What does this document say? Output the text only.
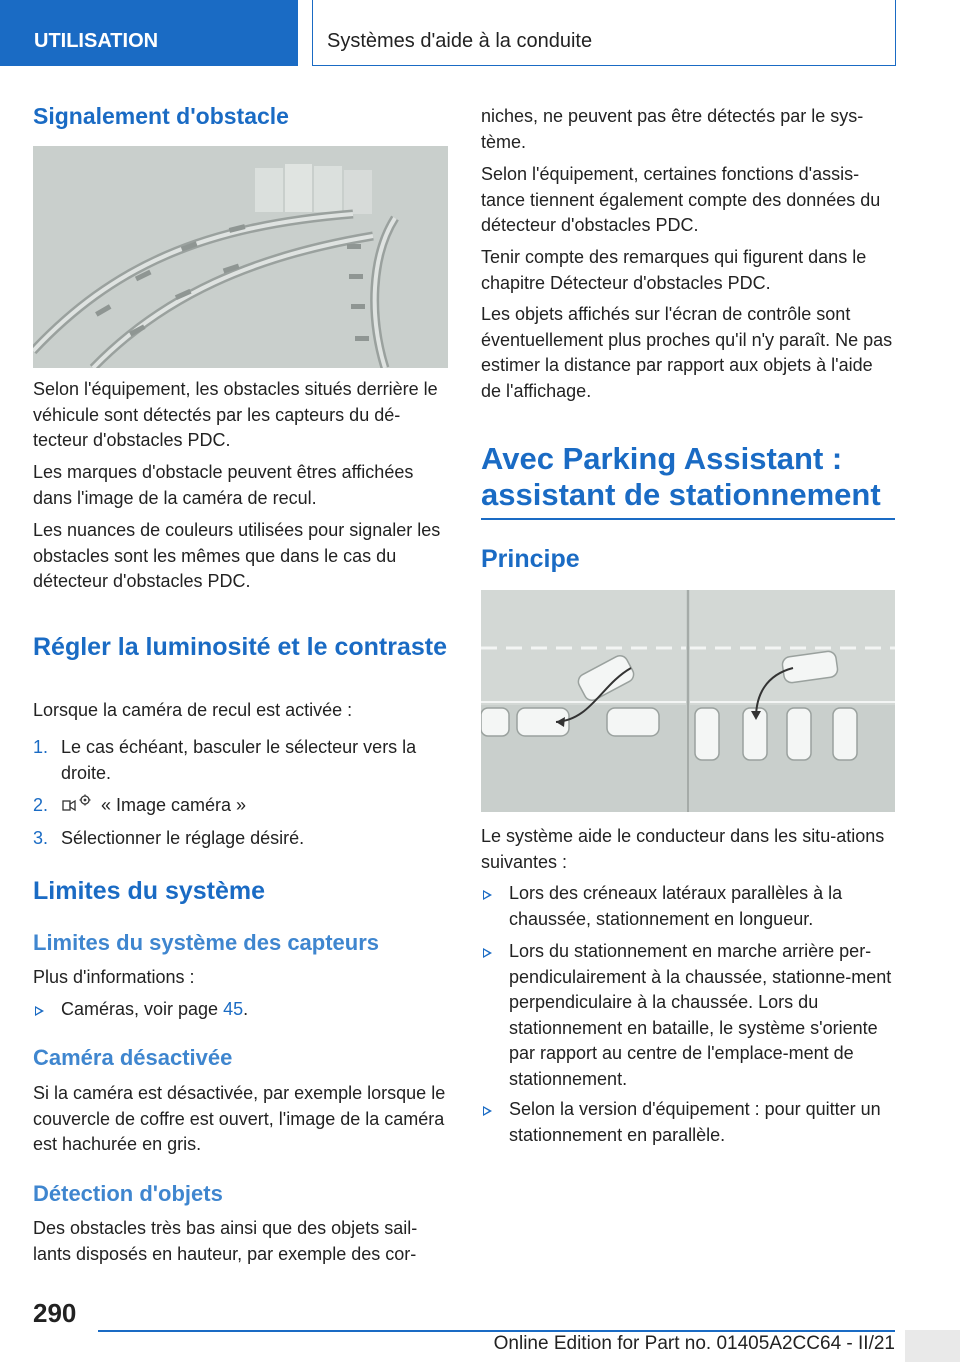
UTILISATION	Systèmes d'aide à la conduite
Signalement d'obstacle
Selon l'équipement, les obstacles situés derrière le véhicule sont détectés par les capteurs du dé‐tecteur d'obstacles PDC.
Les marques d'obstacle peuvent êtres affichées dans l'image de la caméra de recul.
Les nuances de couleurs utilisées pour signaler les obstacles sont les mêmes que dans le cas du détecteur d'obstacles PDC.
Régler la luminosité et le contraste
Lorsque la caméra de recul est activée :
1. Le cas échéant, basculer le sélecteur vers la droite.
2.	« Image caméra »
3. Sélectionner le réglage désiré.
Limites du système
Limites du système des capteurs
Plus d'informations :
Caméras, voir page 45.
Caméra désactivée
Si la caméra est désactivée, par exemple lorsque le couvercle de coffre est ouvert, l'image de la caméra est hachurée en gris.
Détection d'objets
Des obstacles très bas ainsi que des objets sail‐lants disposés en hauteur, par exemple des cor‐
niches, ne peuvent pas être détectés par le sys‐tème.
Selon l'équipement, certaines fonctions d'assis‐tance tiennent également compte des données du détecteur d'obstacles PDC.
Tenir compte des remarques qui figurent dans le chapitre Détecteur d'obstacles PDC.
Les objets affichés sur l'écran de contrôle sont éventuellement plus proches qu'il n'y paraît. Ne pas estimer la distance par rapport aux objets à l'aide de l'affichage.
Avec Parking Assistant : assistant de stationnement
Principe
Le système aide le conducteur dans les situ‐ations suivantes :
Lors des créneaux latéraux parallèles à la chaussée, stationnement en longueur.
Lors du stationnement en marche arrière per‐pendiculairement à la chaussée, stationne‐ment perpendiculaire à la chaussée. Lors du stationnement en bataille, le système s'oriente par rapport au centre de l'emplace‐ment de stationnement.
Selon la version d'équipement : pour quitter un stationnement en parallèle.
290
Online Edition for Part no. 01405A2CC64 - II/21
